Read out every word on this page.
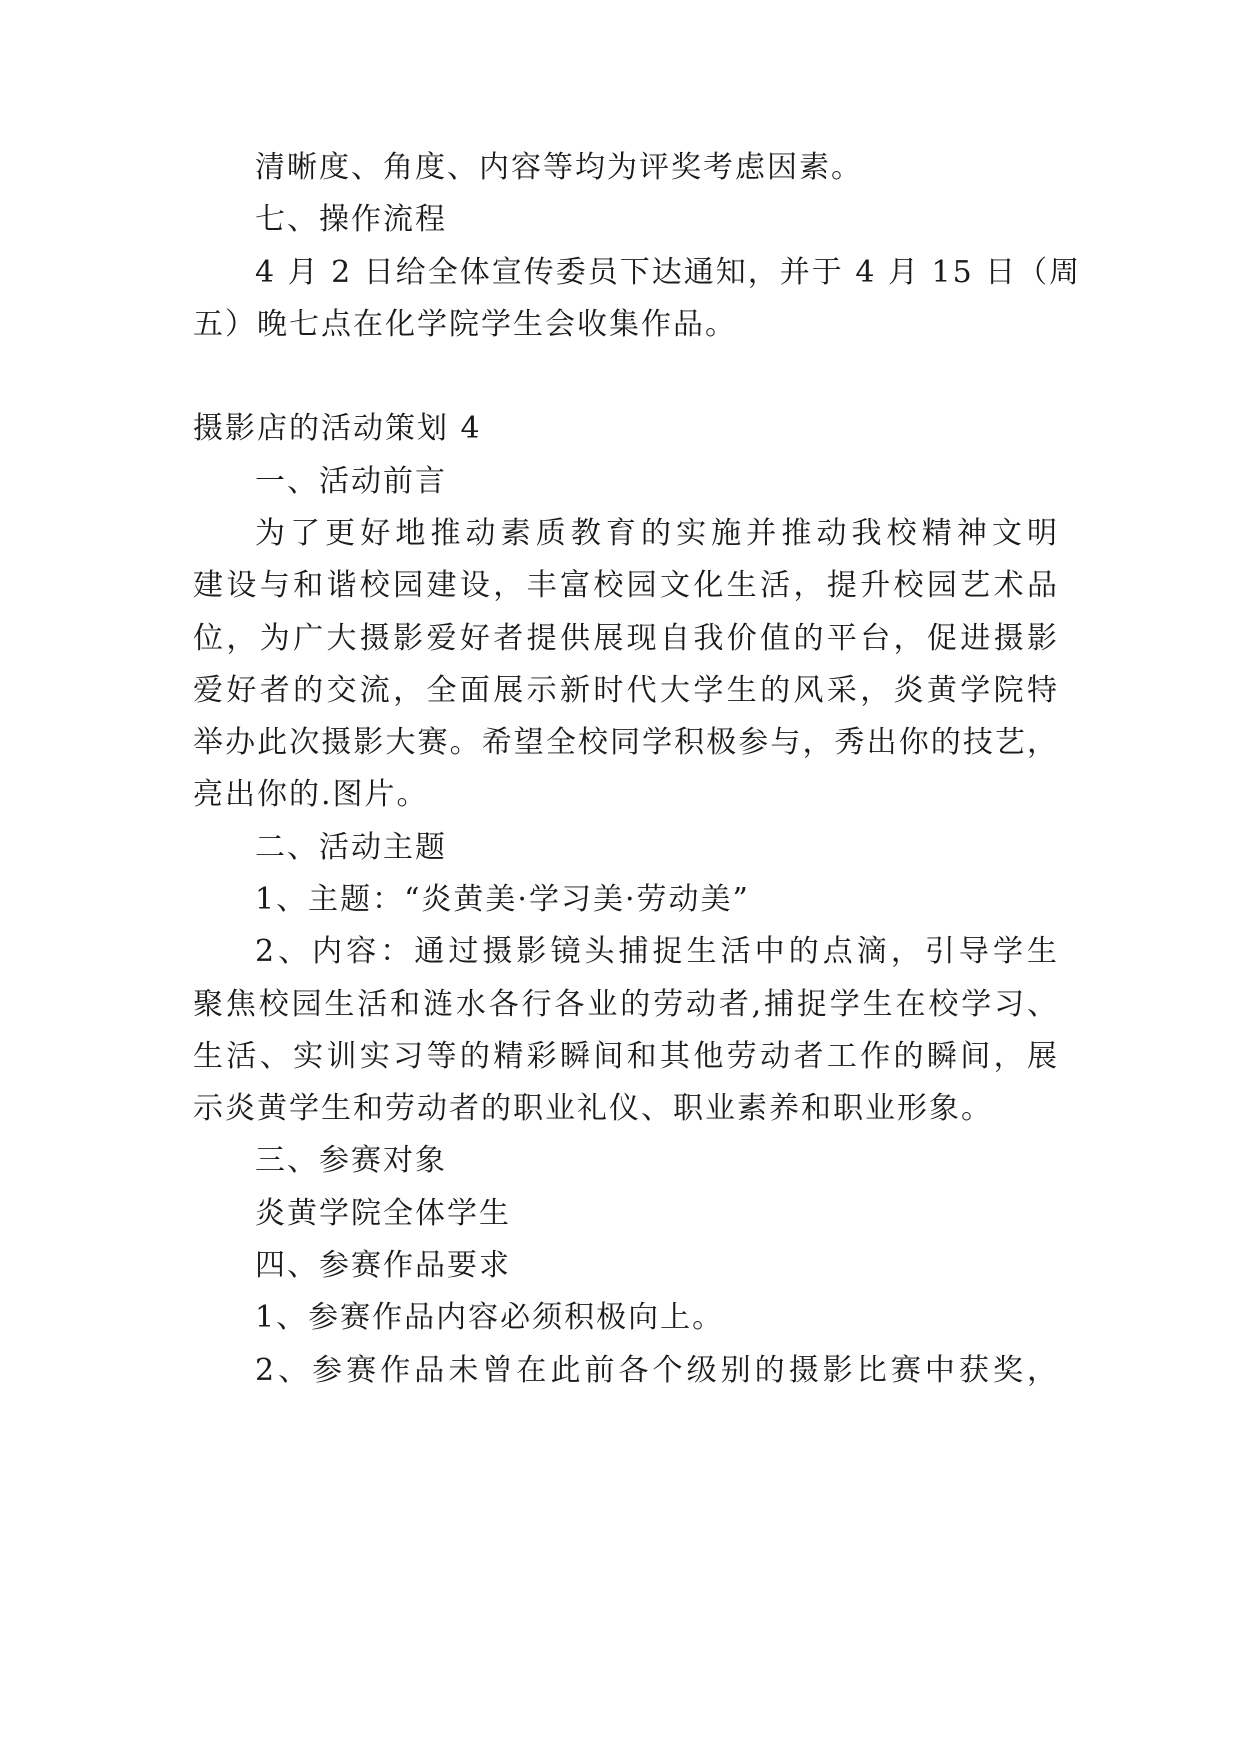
清晰度、角度、内容等均为评奖考虑因素。
七、操作流程
4 月 2 日给全体宣传委员下达通知，并于 4 月 15 日（周
五）晚七点在化学院学生会收集作品。
摄影店的活动策划 4
一、活动前言
为了更好地推动素质教育的实施并推动我校精神文明
建设与和谐校园建设，丰富校园文化生活，提升校园艺术品
位，为广大摄影爱好者提供展现自我价值的平台，促进摄影
爱好者的交流，全面展示新时代大学生的风采，炎黄学院特
举办此次摄影大赛。希望全校同学积极参与，秀出你的技艺，
亮出你的.图片。
二、活动主题
1、主题：“炎黄美·学习美·劳动美”
2、内容：通过摄影镜头捕捉生活中的点滴，引导学生
聚焦校园生活和涟水各行各业的劳动者,捕捉学生在校学习、
生活、实训实习等的精彩瞬间和其他劳动者工作的瞬间，展
示炎黄学生和劳动者的职业礼仪、职业素养和职业形象。
三、参赛对象
炎黄学院全体学生
四、参赛作品要求
1、参赛作品内容必须积极向上。
2、参赛作品未曾在此前各个级别的摄影比赛中获奖，
